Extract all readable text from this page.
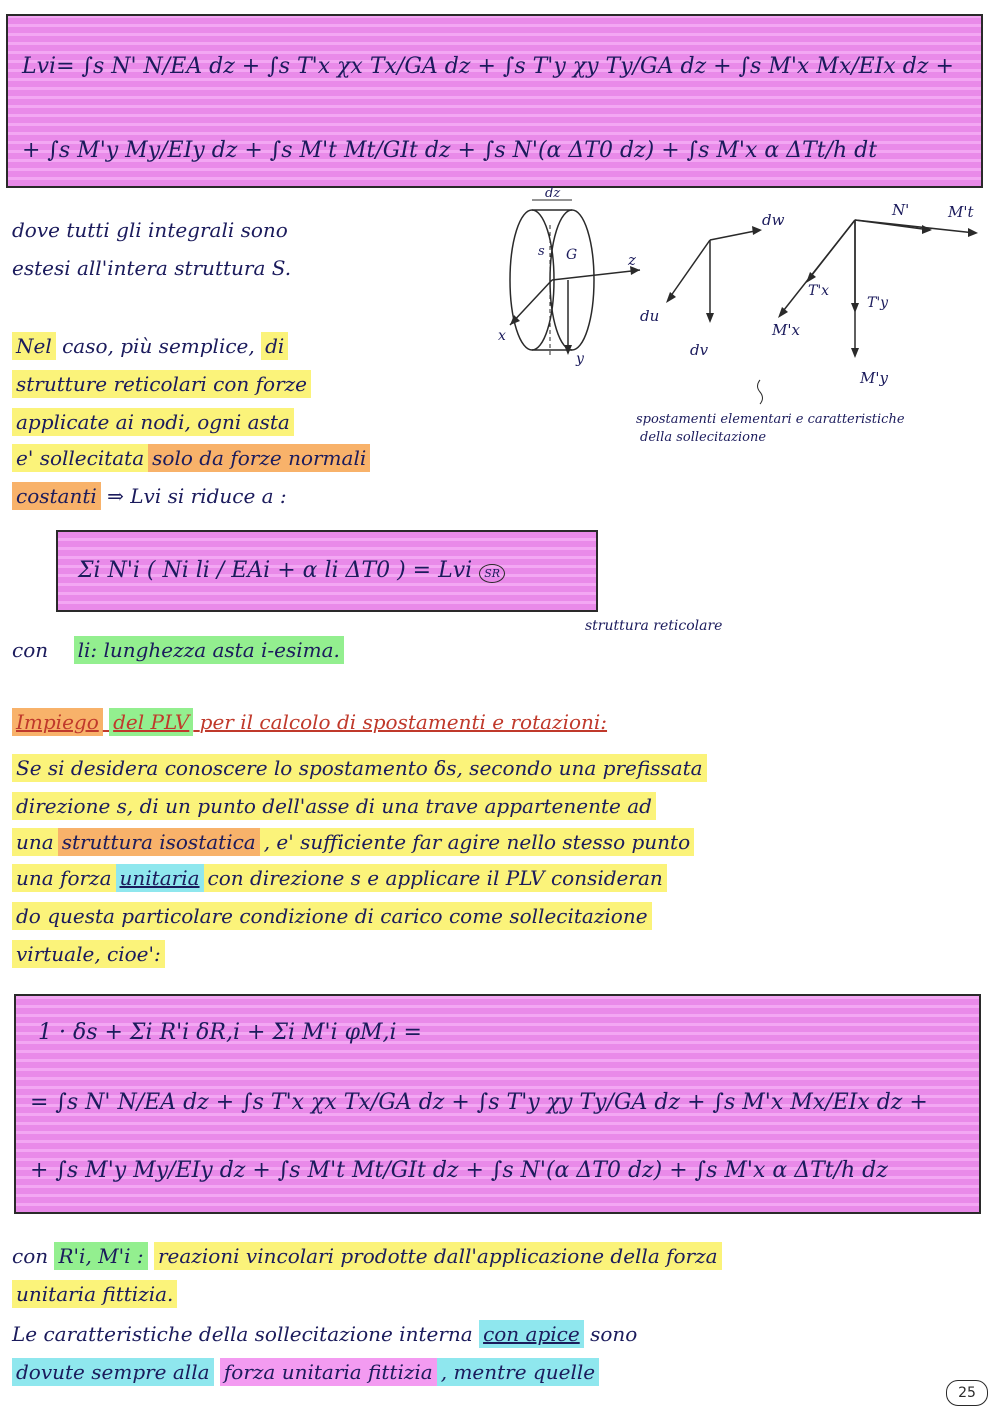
Lvi= ∫s N' N/EA dz + ∫s T'x χx Tx/GA dz + ∫s T'y χy Ty/GA dz + ∫s M'x Mx/EIx dz +
+ ∫s M'y My/EIy dz + ∫s M't Mt/GIt dz + ∫s N'(α ΔT0 dz) + ∫s M'x α ΔTt/h dt
dove tutti gli integrali sono
estesi all'intera struttura S.
dz
s G	z
x
y
dw
du
dv
N'	M't
T'x
M'x
T'y
M'y
spostamenti elementari e caratteristiche
della sollecitazione
Nel caso, più semplice, di
strutture reticolari con forze
applicate ai nodi, ogni asta
e' sollecitata solo da forze normali
costanti ⇒ Lvi si riduce a :
Σi N'i ( Ni li / EAi + α li ΔT0 ) = Lvi SR
struttura reticolare
con li: lunghezza asta i-esima.
Impiego del PLV per il calcolo di spostamenti e rotazioni:
Se si desidera conoscere lo spostamento δs, secondo una prefissata
direzione s, di un punto dell'asse di una trave appartenente ad
una struttura isostatica , e' sufficiente far agire nello stesso punto
una forza unitaria con direzione s e applicare il PLV consideran
do questa particolare condizione di carico come sollecitazione
virtuale, cioe':
1 · δs + Σi R'i δR,i + Σi M'i φM,i =
= ∫s N' N/EA dz + ∫s T'x χx Tx/GA dz + ∫s T'y χy Ty/GA dz + ∫s M'x Mx/EIx dz +
+ ∫s M'y My/EIy dz + ∫s M't Mt/GIt dz + ∫s N'(α ΔT0 dz) + ∫s M'x α ΔTt/h dz
con R'i, M'i : reazioni vincolari prodotte dall'applicazione della forza
unitaria fittizia.
Le caratteristiche della sollecitazione interna con apice sono
dovute sempre alla forza unitaria fittizia , mentre quelle
25
